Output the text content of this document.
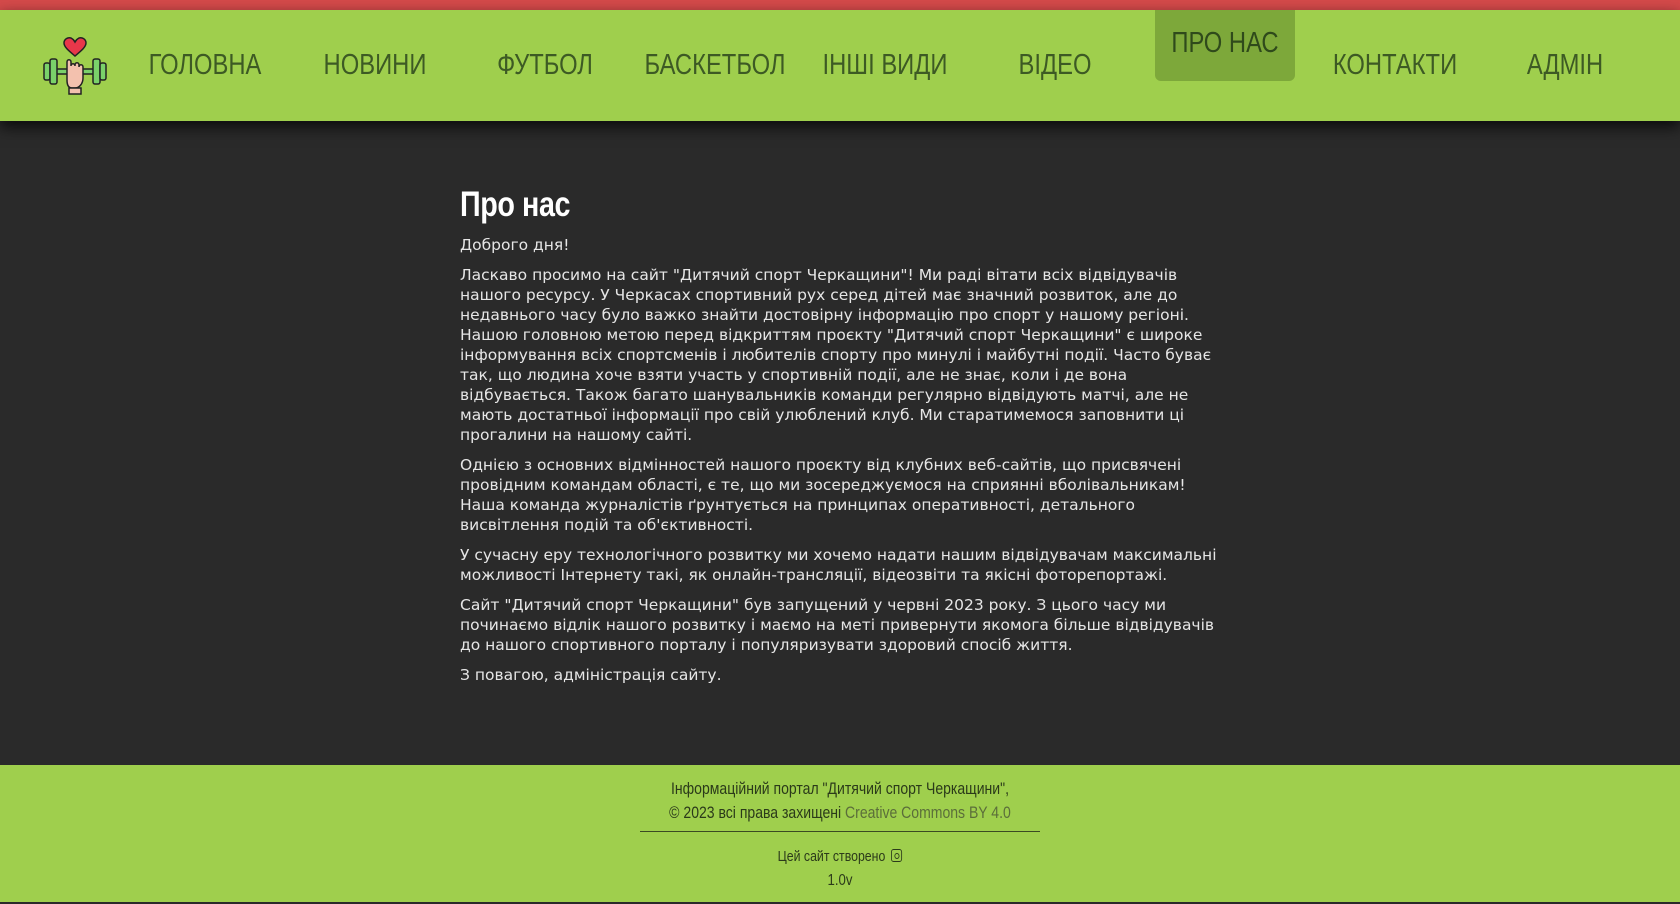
ГОЛОВНА НОВИНИ ФУТБОЛ БАСКЕТБОЛ ІНШІ ВИДИ	ВІДЕО
ПРО НАС
КОНТАКТИ	АДМІН
Про нас

Доброго дня!

Ласкаво просимо на сайт "Дитячий спорт Черкащини"! Ми раді вітати всіх відвідувачів нашого ресурсу. У Черкасах спортивний рух серед дітей має значний розвиток, але до недавнього часу було важко знайти достовірну інформацію про спорт у нашому регіоні. Нашою головною метою перед відкриттям проєкту "Дитячий спорт Черкащини" є широке інформування всіх спортсменів і любителів спорту про минулі і майбутні події. Часто буває так, що людина хоче взяти участь у спортивній події, але не знає, коли і де вона відбувається. Також багато шанувальників команди регулярно відвідують матчі, але не мають достатньої інформації про свій улюблений клуб. Ми старатимемося заповнити ці прогалини на нашому сайті.

Однією з основних відмінностей нашого проєкту від клубних веб-сайтів, що присвячені провідним командам області, є те, що ми зосереджуємося на сприянні вболівальникам! Наша команда журналістів ґрунтується на принципах оперативності, детального висвітлення подій та об'єктивності.

У сучасну еру технологічного розвитку ми хочемо надати нашим відвідувачам максимальні можливості Інтернету такі, як онлайн-трансляції, відеозвіти та якісні фоторепортажі.

Сайт "Дитячий спорт Черкащини" був запущений у червні 2023 року. З цього часу ми починаємо відлік нашого розвитку і маємо на меті привернути якомога більше відвідувачів до нашого спортивного порталу і популяризувати здоровий спосіб життя.

З повагою, адміністрація сайту.

Інформаційний портал "Дитячий спорт Черкащини",
© 2023 всі права захищені Creative Commons BY 4.0
Цей сайт створено
1.0v
